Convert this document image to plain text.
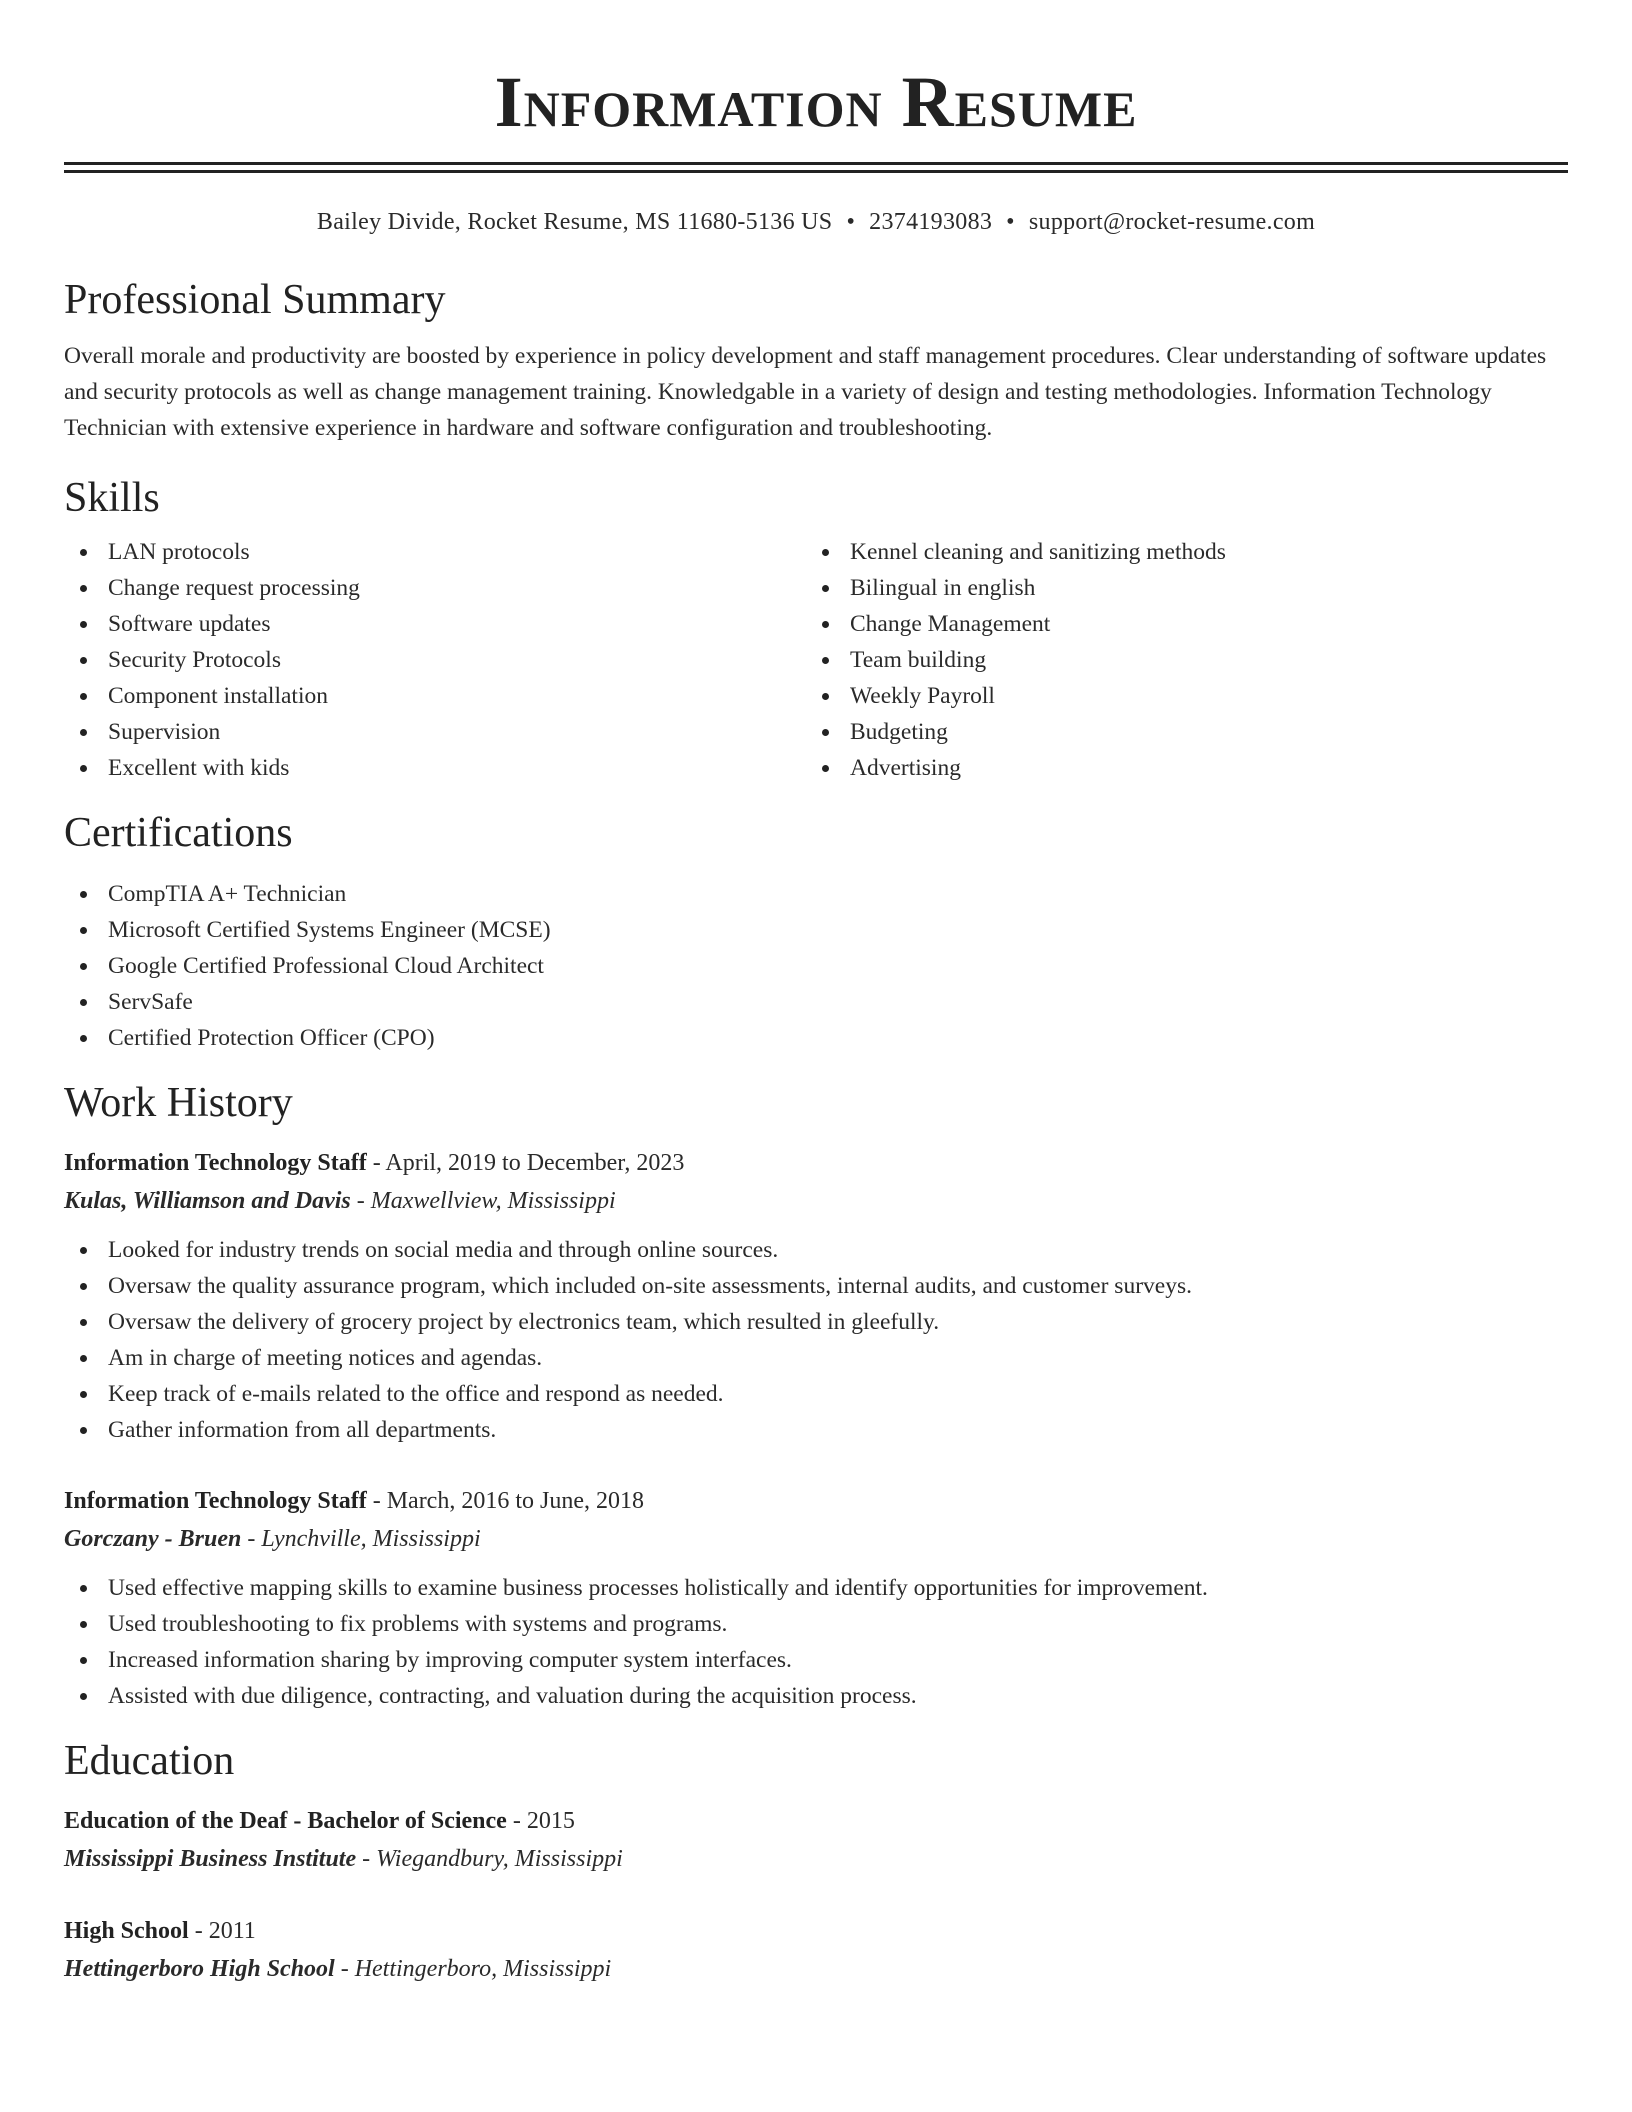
Information Resume
Bailey Divide, Rocket Resume, MS 11680-5136 US • 2374193083 • support@rocket-resume.com
Professional Summary

Overall morale and productivity are boosted by experience in policy development and staff management procedures. Clear understanding of software updates and security protocols as well as change management training. Knowledgable in a variety of design and testing methodologies. Information Technology Technician with extensive experience in hardware and software configuration and troubleshooting.

Skills
LAN protocols
Change request processing
Software updates
Security Protocols
Component installation
Supervision
Excellent with kids
Kennel cleaning and sanitizing methods
Bilingual in english
Change Management
Team building
Weekly Payroll
Budgeting
Advertising
Certifications
CompTIA A+ Technician
Microsoft Certified Systems Engineer (MCSE)
Google Certified Professional Cloud Architect
ServSafe
Certified Protection Officer (CPO)
Work History
Information Technology Staff - April, 2019 to December, 2023
Kulas, Williamson and Davis - Maxwellview, Mississippi
Looked for industry trends on social media and through online sources.
Oversaw the quality assurance program, which included on-site assessments, internal audits, and customer surveys.
Oversaw the delivery of grocery project by electronics team, which resulted in gleefully.
Am in charge of meeting notices and agendas.
Keep track of e-mails related to the office and respond as needed.
Gather information from all departments.
Information Technology Staff - March, 2016 to June, 2018
Gorczany - Bruen - Lynchville, Mississippi
Used effective mapping skills to examine business processes holistically and identify opportunities for improvement.
Used troubleshooting to fix problems with systems and programs.
Increased information sharing by improving computer system interfaces.
Assisted with due diligence, contracting, and valuation during the acquisition process.
Education
Education of the Deaf - Bachelor of Science - 2015
Mississippi Business Institute - Wiegandbury, Mississippi
High School - 2011
Hettingerboro High School - Hettingerboro, Mississippi
